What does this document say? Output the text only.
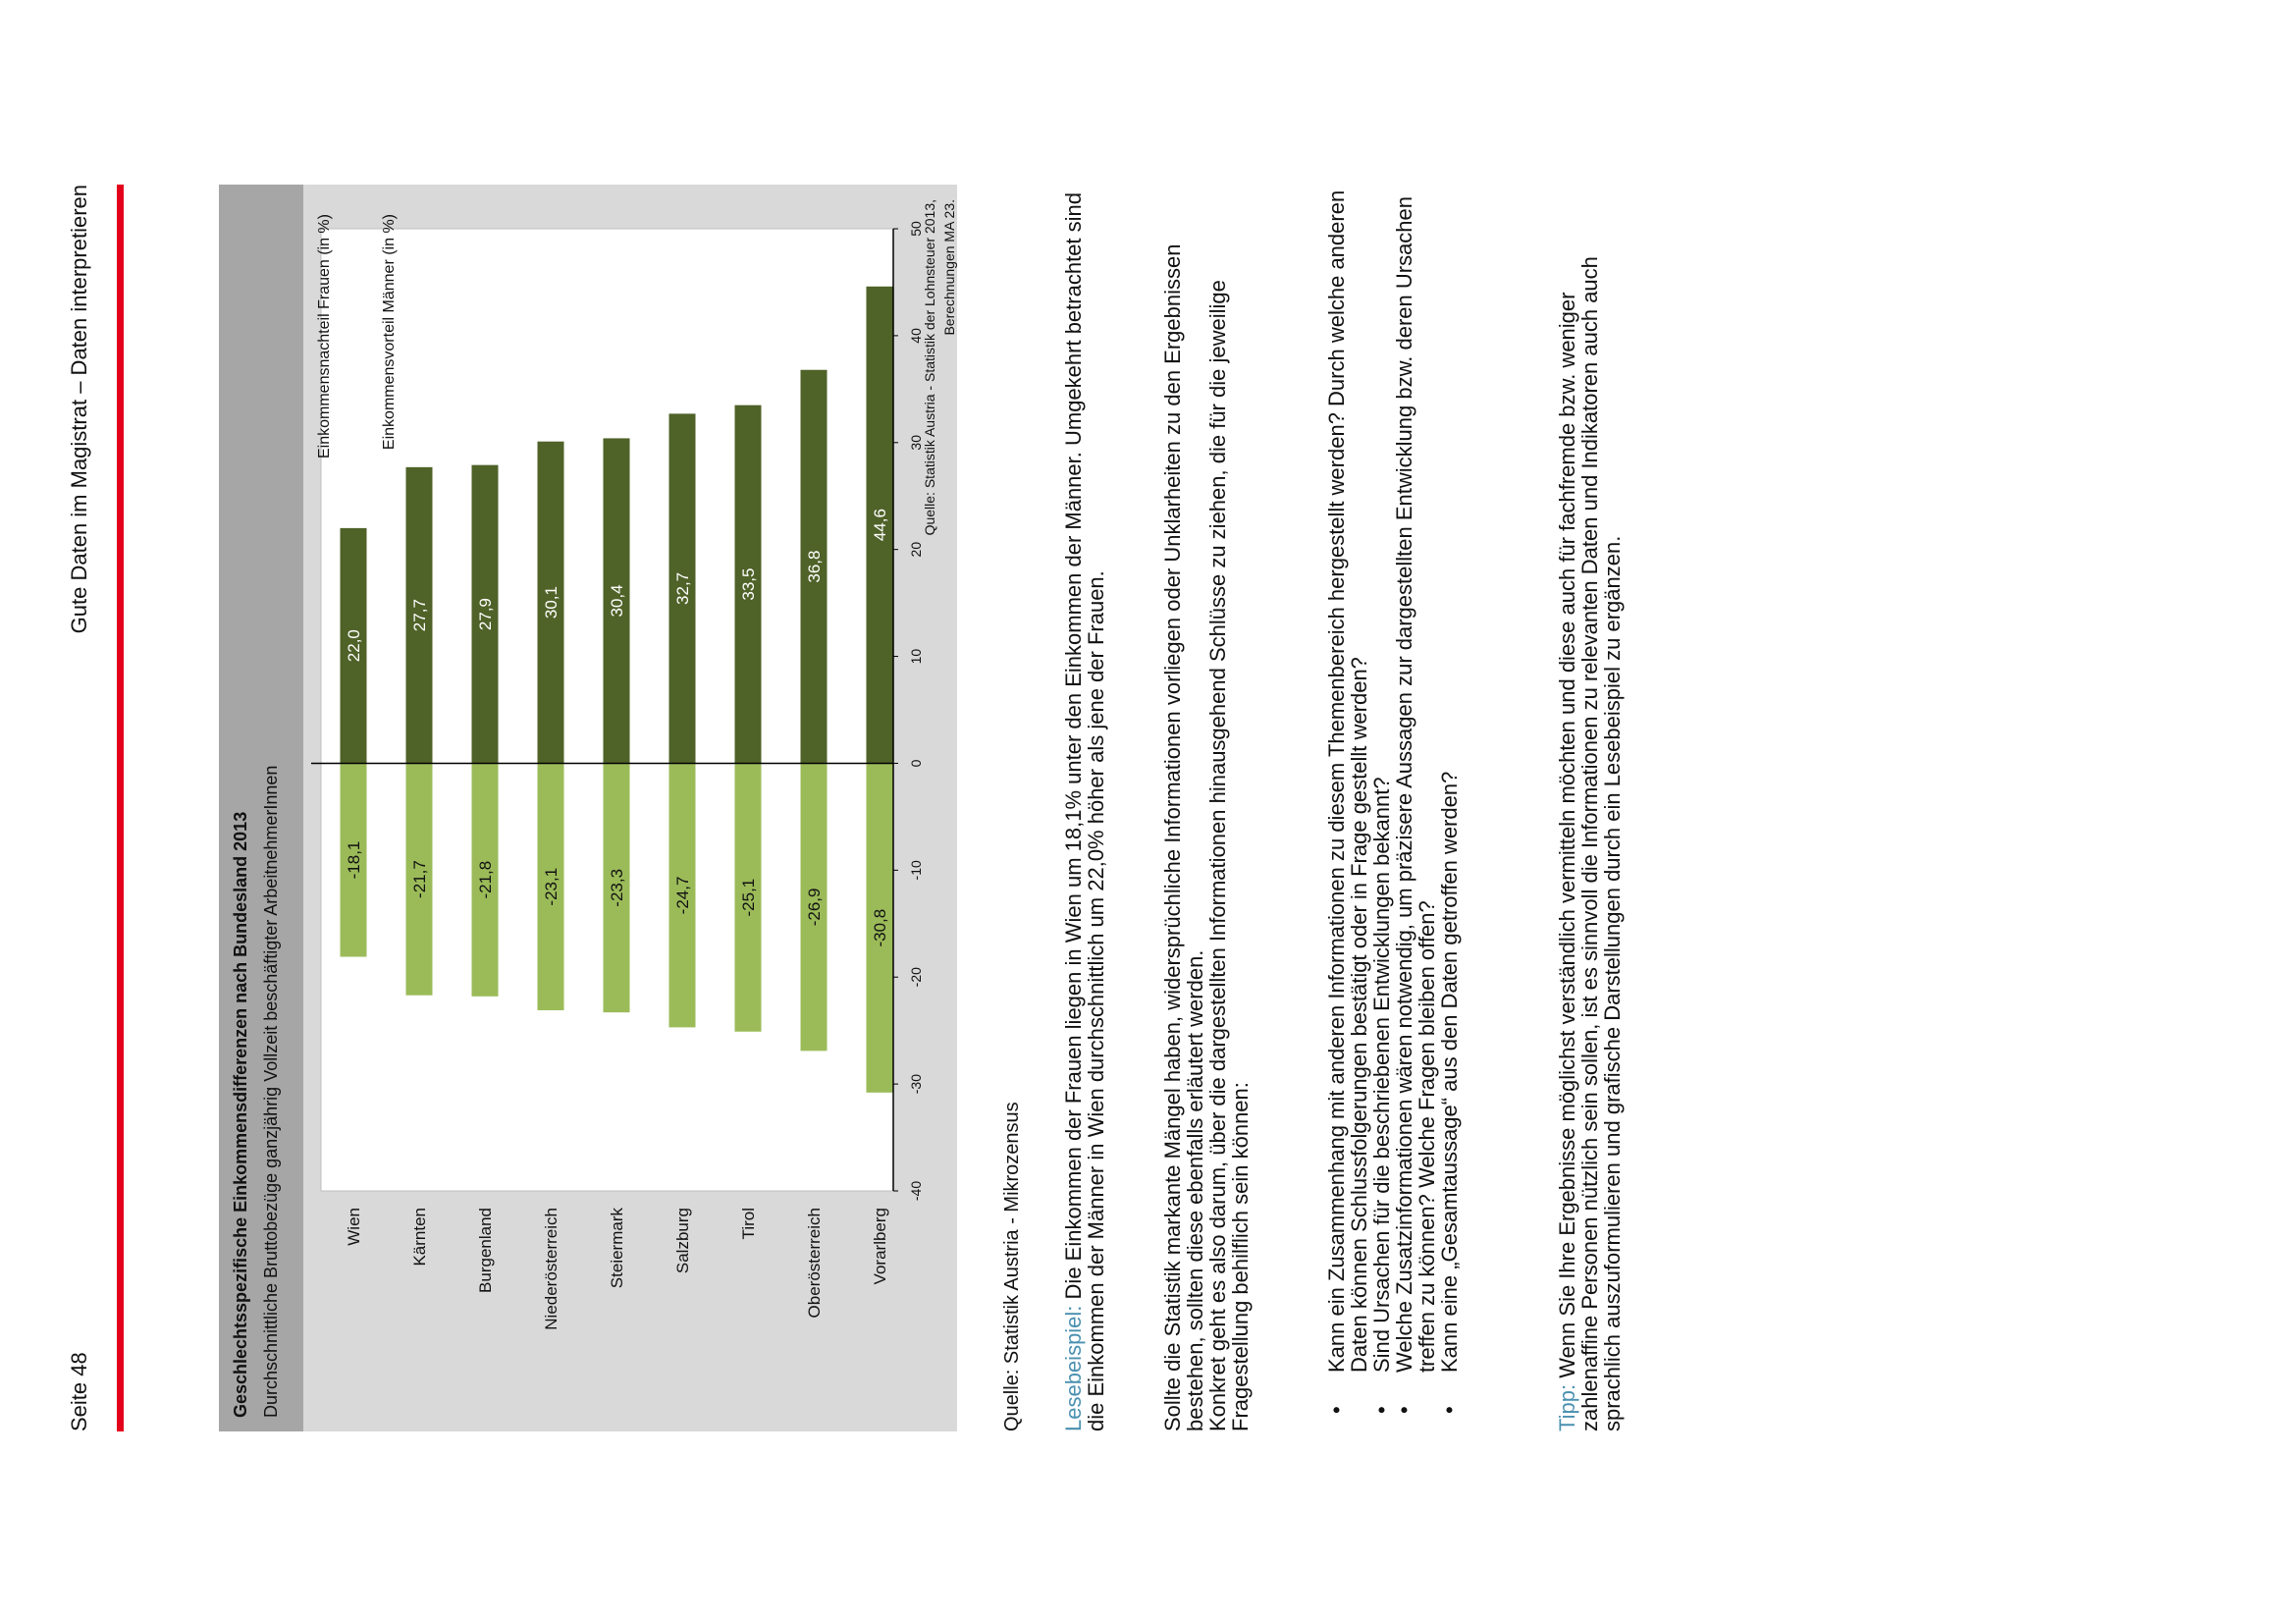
Seite 48
Gute Daten im Magistrat – Daten interpretieren
Geschlechtsspezifische Einkommensdifferenzen nach Bundesland 2013 Durchschnittliche Bruttobezüge ganzjährig Vollzeit beschäftigter ArbeitnehmerInnen	-18,1
22,0
Wien
-21,7
27,7
Kärnten
-21,8
27,9
Burgenland
-23,1
30,1
Niederösterreich
-23,3
30,4
Steiermark
-24,7
32,7
Salzburg
-25,1
33,5
Tirol
-26,9
36,8
Oberösterreich
-30,8
44,6
Vorarlberg
-40
-30
-20
-10
0
10
20
30
40
50
Einkommensnachteil Frauen (in %)	Einkommensvorteil Männer (in %)	Quelle: Statistik Austria - Statistik der Lohnsteuer 2013, Berechnungen MA 23.
Quelle: Statistik Austria - Mikrozensus Lesebeispiel: Die Einkommen der Frauen liegen in Wien um 18,1% unter den Einkommen der Männer. Umgekehrt betrachtet sind die Einkommen der Männer in Wien durchschnittlich um 22,0% höher als jene der Frauen. Sollte die Statistik markante Mängel haben, widersprüchliche Informationen vorliegen oder Unklarheiten zu den Ergebnissen bestehen, sollten diese ebenfalls erläutert werden.

Konkret geht es also darum, über die dargestellten Informationen hinausgehend Schlüsse zu ziehen, die für die jeweilige Fragestellung behilflich sein können:

•	Kann ein Zusammenhang mit anderen Informationen zu diesem Themenbereich hergestellt werden? Durch welche anderen Daten können Schlussfolgerungen bestätigt oder in Frage gestellt werden?
• Sind Ursachen für die beschriebenen Entwicklungen bekannt?
• Welche Zusatzinformationen wären notwendig, um präzisere Aussagen zur dargestellten Entwicklung bzw. deren Ursachen treffen zu können? Welche Fragen bleiben offen?
• Kann eine „Gesamtaussage“ aus den Daten getroffen werden?
Tipp: Wenn Sie Ihre Ergebnisse möglichst verständlich vermitteln möchten und diese auch für fachfremde bzw. weniger zahlenaffine Personen nützlich sein sollen, ist es sinnvoll die Informationen zu relevanten Daten und Indikatoren auch auch sprachlich auszuformulieren und grafische Darstellungen durch ein Lesebeispiel zu ergänzen.
